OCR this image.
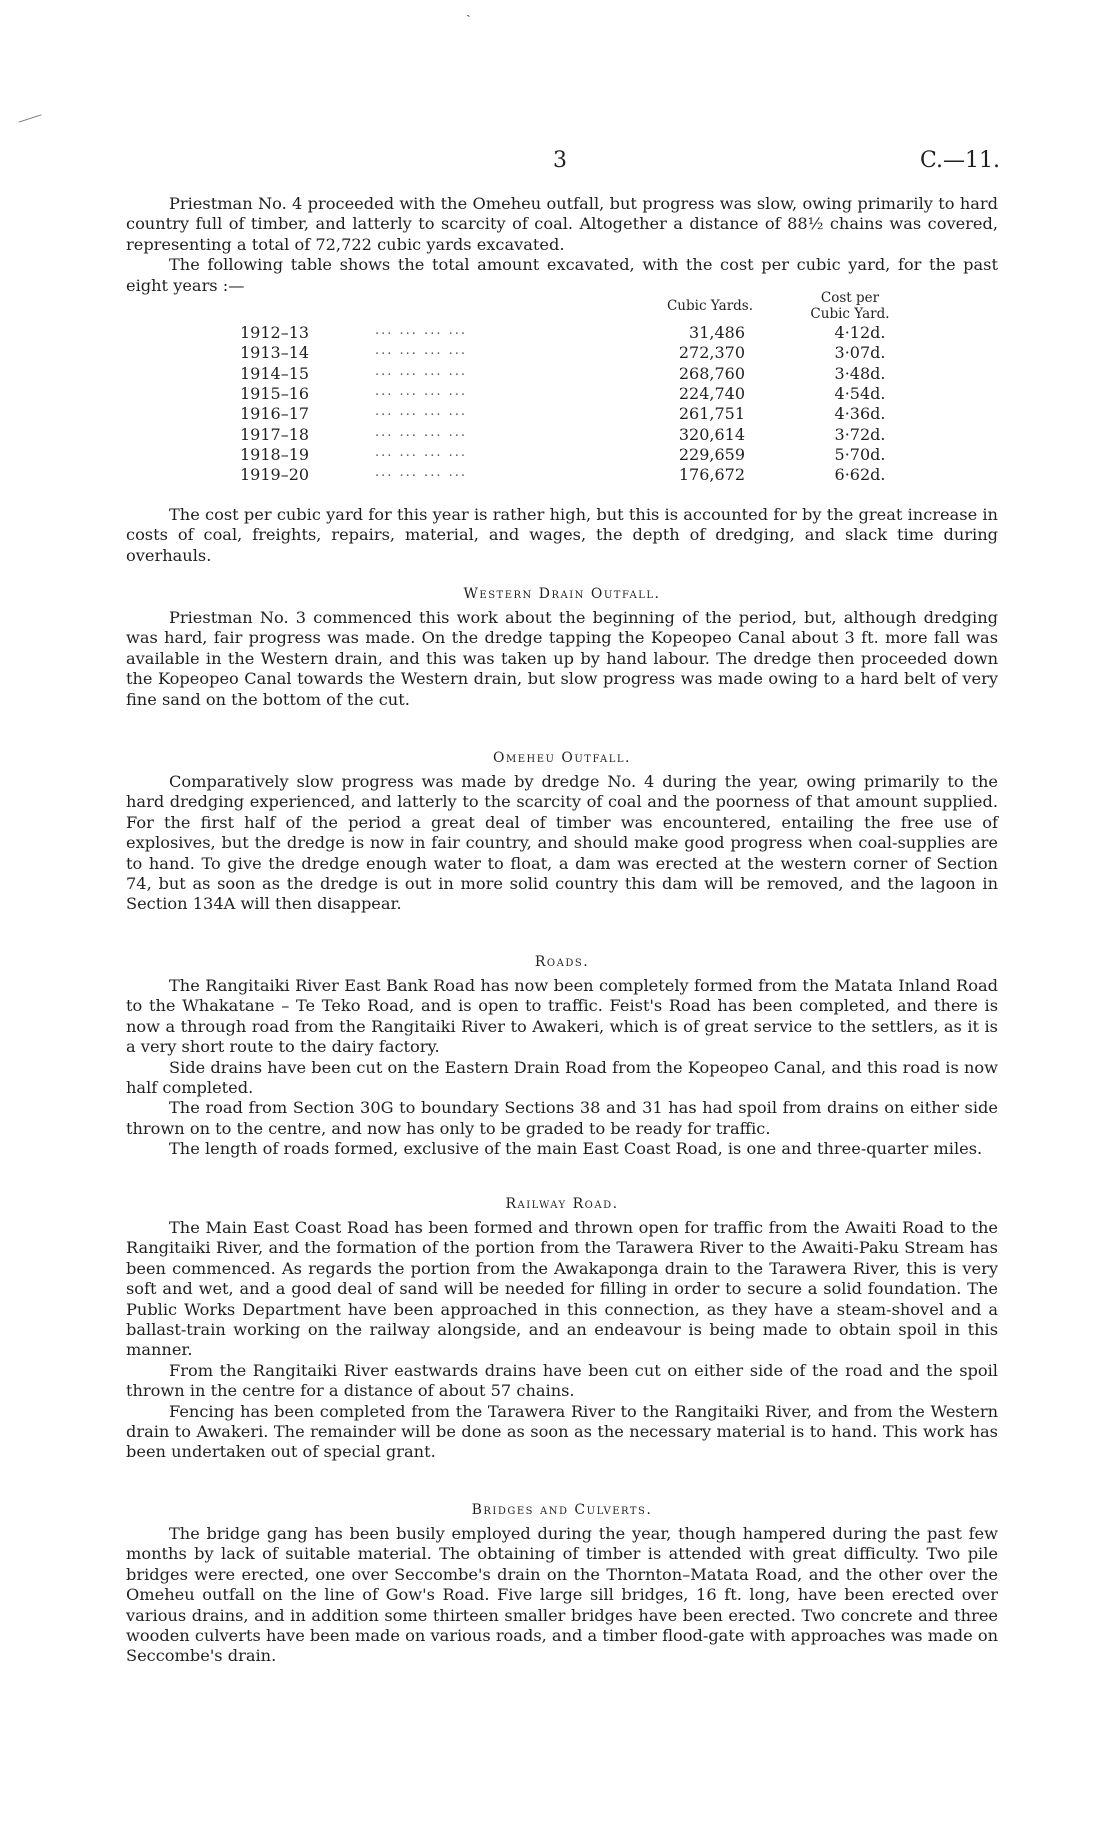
3	C.—11.

Priestman No. 4 proceeded with the Omeheu outfall, but progress was slow, owing primarily to hard country full of timber, and latterly to scarcity of coal. Altogether a distance of 88½ chains was covered, representing a total of 72,722 cubic yards excavated.

The following table shows the total amount excavated, with the cost per cubic yard, for the past eight years :—

Cubic Yards.	Cost per
Cubic Yard.
1912–13	... ... ... ...	31,486	4·12d.
1913–14	... ... ... ...	272,370	3·07d.
1914–15	... ... ... ...	268,760	3·48d.
1915–16	... ... ... ...	224,740	4·54d.
1916–17	... ... ... ...	261,751	4·36d.
1917–18	... ... ... ...	320,614	3·72d.
1918–19	... ... ... ...	229,659	5·70d.
1919–20	... ... ... ...	176,672	6·62d.

The cost per cubic yard for this year is rather high, but this is accounted for by the great increase in costs of coal, freights, repairs, material, and wages, the depth of dredging, and slack time during overhauls.

Western Drain Outfall.

Priestman No. 3 commenced this work about the beginning of the period, but, although dredging was hard, fair progress was made. On the dredge tapping the Kopeopeo Canal about 3 ft. more fall was available in the Western drain, and this was taken up by hand labour. The dredge then proceeded down the Kopeopeo Canal towards the Western drain, but slow progress was made owing to a hard belt of very fine sand on the bottom of the cut.

Omeheu Outfall.

Comparatively slow progress was made by dredge No. 4 during the year, owing primarily to the hard dredging experienced, and latterly to the scarcity of coal and the poorness of that amount supplied. For the first half of the period a great deal of timber was encountered, entailing the free use of explosives, but the dredge is now in fair country, and should make good progress when coal-supplies are to hand. To give the dredge enough water to float, a dam was erected at the western corner of Section 74, but as soon as the dredge is out in more solid country this dam will be removed, and the lagoon in Section 134A will then disappear.

Roads.

The Rangitaiki River East Bank Road has now been completely formed from the Matata Inland Road to the Whakatane – Te Teko Road, and is open to traffic. Feist's Road has been completed, and there is now a through road from the Rangitaiki River to Awakeri, which is of great service to the settlers, as it is a very short route to the dairy factory.

Side drains have been cut on the Eastern Drain Road from the Kopeopeo Canal, and this road is now half completed.

The road from Section 30G to boundary Sections 38 and 31 has had spoil from drains on either side thrown on to the centre, and now has only to be graded to be ready for traffic.

The length of roads formed, exclusive of the main East Coast Road, is one and three-quarter miles.

Railway Road.

The Main East Coast Road has been formed and thrown open for traffic from the Awaiti Road to the Rangitaiki River, and the formation of the portion from the Tarawera River to the Awaiti-Paku Stream has been commenced. As regards the portion from the Awakaponga drain to the Tarawera River, this is very soft and wet, and a good deal of sand will be needed for filling in order to secure a solid foundation. The Public Works Department have been approached in this connection, as they have a steam-shovel and a ballast-train working on the railway alongside, and an endeavour is being made to obtain spoil in this manner.

From the Rangitaiki River eastwards drains have been cut on either side of the road and the spoil thrown in the centre for a distance of about 57 chains.

Fencing has been completed from the Tarawera River to the Rangitaiki River, and from the Western drain to Awakeri. The remainder will be done as soon as the necessary material is to hand. This work has been undertaken out of special grant.

Bridges and Culverts.

The bridge gang has been busily employed during the year, though hampered during the past few months by lack of suitable material. The obtaining of timber is attended with great difficulty. Two pile bridges were erected, one over Seccombe's drain on the Thornton–Matata Road, and the other over the Omeheu outfall on the line of Gow's Road. Five large sill bridges, 16 ft. long, have been erected over various drains, and in addition some thirteen smaller bridges have been erected. Two concrete and three wooden culverts have been made on various roads, and a timber flood-gate with approaches was made on Seccombe's drain.

ˏ
